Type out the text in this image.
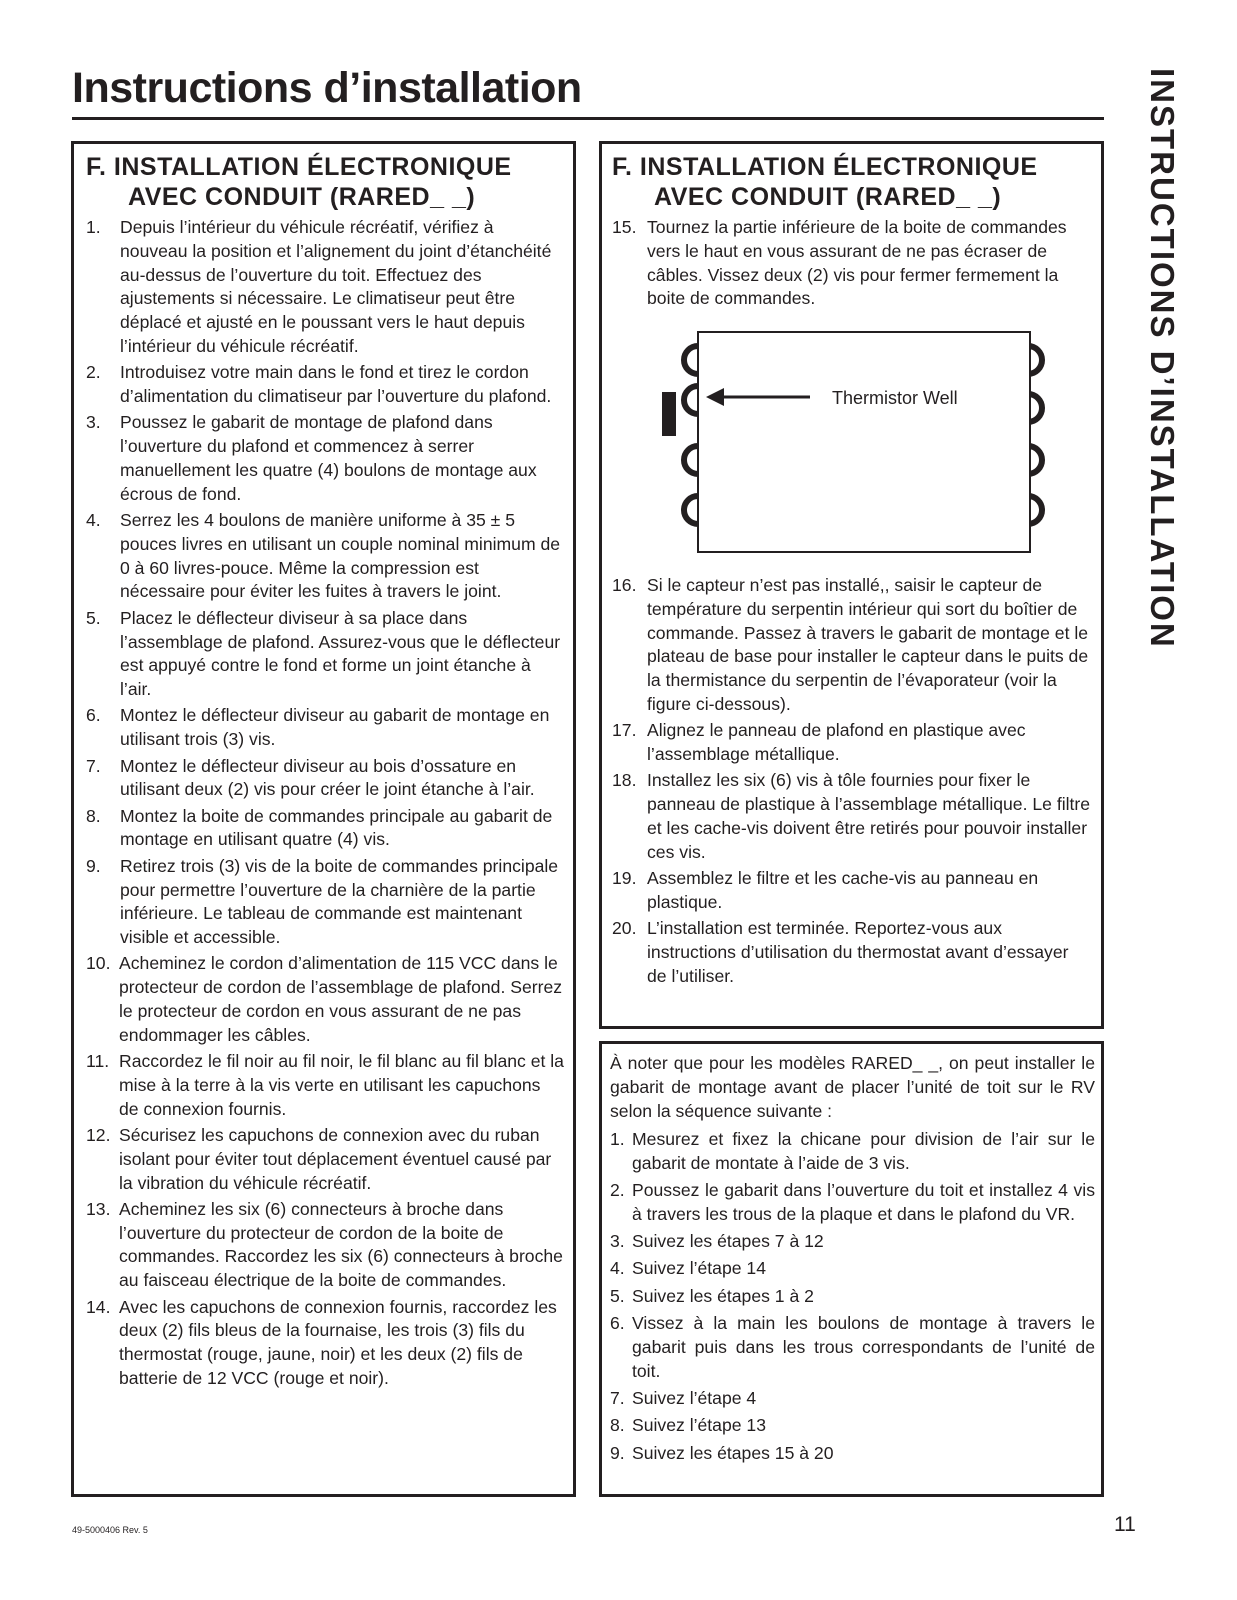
Instructions d’installation	INSTRUCTIONS D’INSTALLATION
F. INSTALLATION ÉLECTRONIQUE
AVEC CONDUIT (RARED_ _)
1. Depuis l’intérieur du véhicule récréatif, vérifiez à nouveau la position et l’alignement du joint d’étanchéité au-dessus de l’ouverture du toit. Effectuez des ajustements si nécessaire. Le climatiseur peut être déplacé et ajusté en le poussant vers le haut depuis l’intérieur du véhicule récréatif.
2. Introduisez votre main dans le fond et tirez le cordon d’alimentation du climatiseur par l’ouverture du plafond.
3. Poussez le gabarit de montage de plafond dans l’ouverture du plafond et commencez à serrer manuellement les quatre (4) boulons de montage aux écrous de fond.
4. Serrez les 4 boulons de manière uniforme à 35 ± 5 pouces livres en utilisant un couple nominal minimum de 0 à 60 livres-pouce. Même la compression est nécessaire pour éviter les fuites à travers le joint.
5. Placez le déflecteur diviseur à sa place dans l’assemblage de plafond. Assurez-vous que le déflecteur est appuyé contre le fond et forme un joint étanche à l’air.
6. Montez le déflecteur diviseur au gabarit de montage en utilisant trois (3) vis.
7. Montez le déflecteur diviseur au bois d’ossature en utilisant deux (2) vis pour créer le joint étanche à l’air.
8. Montez la boite de commandes principale au gabarit de montage en utilisant quatre (4) vis.
9. Retirez trois (3) vis de la boite de commandes principale pour permettre l’ouverture de la charnière de la partie inférieure. Le tableau de commande est maintenant visible et accessible.
10. Acheminez le cordon d’alimentation de 115 VCC dans le protecteur de cordon de l’assemblage de plafond. Serrez le protecteur de cordon en vous assurant de ne pas endommager les câbles.
11. Raccordez le fil noir au fil noir, le fil blanc au fil blanc et la mise à la terre à la vis verte en utilisant les capuchons de connexion fournis.
12. Sécurisez les capuchons de connexion avec du ruban isolant pour éviter tout déplacement éventuel causé par la vibration du véhicule récréatif.
13. Acheminez les six (6) connecteurs à broche dans l’ouverture du protecteur de cordon de la boite de commandes. Raccordez les six (6) connecteurs à broche au faisceau électrique de la boite de commandes.
14. Avec les capuchons de connexion fournis, raccordez les deux (2) fils bleus de la fournaise, les trois (3) fils du thermostat (rouge, jaune, noir) et les deux (2) fils de batterie de 12 VCC (rouge et noir).
F. INSTALLATION ÉLECTRONIQUE
AVEC CONDUIT (RARED_ _)
15. Tournez la partie inférieure de la boite de commandes vers le haut en vous assurant de ne pas écraser de câbles. Vissez deux (2) vis pour fermer fermement la boite de commandes.
Thermistor Well
16. Si le capteur n’est pas installé,, saisir le capteur de température du serpentin intérieur qui sort du boîtier de commande. Passez à travers le gabarit de montage et le plateau de base pour installer le capteur dans le puits de la thermistance du serpentin de l’évaporateur (voir la figure ci-dessous).
17. Alignez le panneau de plafond en plastique avec l’assemblage métallique.
18. Installez les six (6) vis à tôle fournies pour fixer le panneau de plastique à l’assemblage métallique. Le filtre et les cache-vis doivent être retirés pour pouvoir installer ces vis.
19. Assemblez le filtre et les cache-vis au panneau en plastique.
20. L’installation est terminée. Reportez-vous aux instructions d’utilisation du thermostat avant d’essayer de l’utiliser.

À noter que pour les modèles RARED_ _, on peut installer le gabarit de montage avant de placer l’unité de toit sur le RV selon la séquence suivante :

1. Mesurez et fixez la chicane pour division de l’air sur le gabarit de montate à l’aide de 3 vis.
2. Poussez le gabarit dans l’ouverture du toit et installez 4 vis à travers les trous de la plaque et dans le plafond du VR.
3. Suivez les étapes 7 à 12
4. Suivez l’étape 14
5. Suivez les étapes 1 à 2
6. Vissez à la main les boulons de montage à travers le gabarit puis dans les trous correspondants de l’unité de toit.
7. Suivez l’étape 4
8. Suivez l’étape 13
9. Suivez les étapes 15 à 20
49-5000406 Rev. 5	11
